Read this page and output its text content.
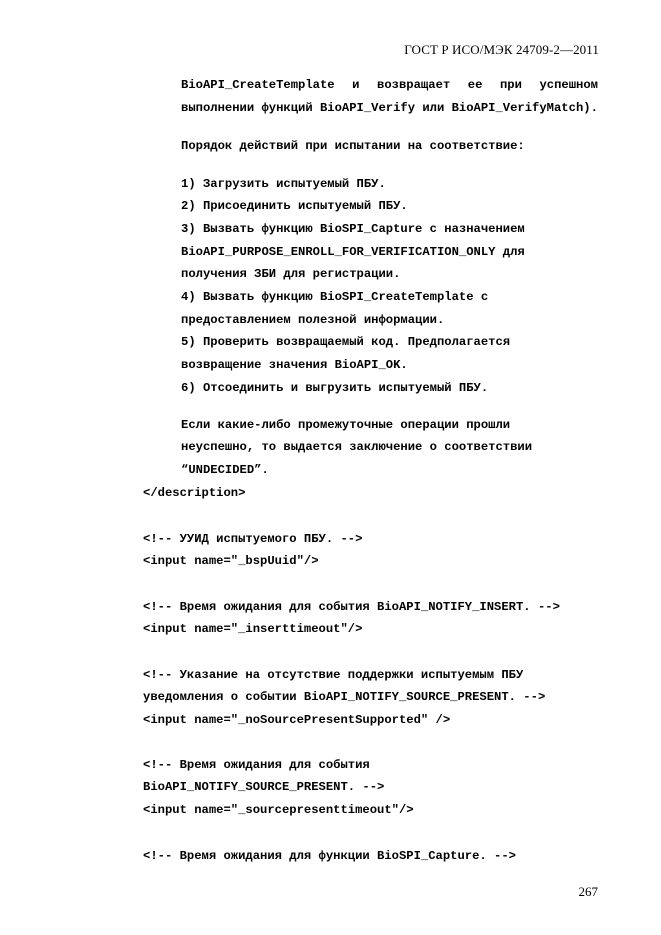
ГОСТ Р ИСО/МЭК 24709-2—2011
BioAPI_CreateTemplate и возвращает ее при успешном
выполнении функций BioAPI_Verify или BioAPI_VerifyMatch).
Порядок действий при испытании на соответствие:
1) Загрузить испытуемый ПБУ.
2) Присоединить испытуемый ПБУ.
3) Вызвать функцию BioSPI_Capture с назначением
BioAPI_PURPOSE_ENROLL_FOR_VERIFICATION_ONLY для
получения ЗБИ для регистрации.
4) Вызвать функцию BioSPI_CreateTemplate с
предоставлением полезной информации.
5) Проверить возвращаемый код. Предполагается
возвращение значения BioAPI_OK.
6) Отсоединить и выгрузить испытуемый ПБУ.
Если какие-либо промежуточные операции прошли
неуспешно, то выдается заключение о соответствии
“UNDECIDED”.
</description>
<!-- УУИД испытуемого ПБУ. -->
<input name="_bspUuid"/>
<!-- Время ожидания для события BioAPI_NOTIFY_INSERT. -->
<input name="_inserttimeout"/>
<!-- Указание на отсутствие поддержки испытуемым ПБУ
уведомления о событии BioAPI_NOTIFY_SOURCE_PRESENT. -->
<input name="_noSourcePresentSupported" />
<!-- Время ожидания для события
BioAPI_NOTIFY_SOURCE_PRESENT. -->
<input name="_sourcepresenttimeout"/>
<!-- Время ожидания для функции BioSPI_Capture. -->
267
